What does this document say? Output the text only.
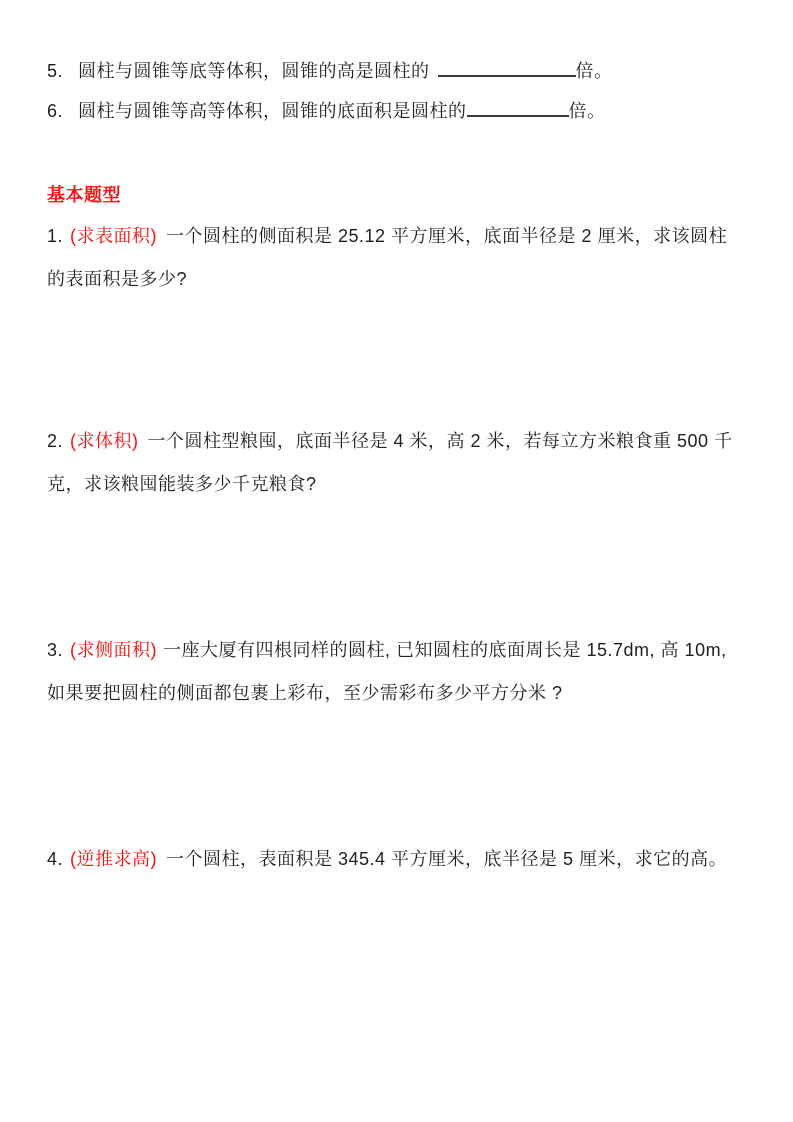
5. 圆柱与圆锥等底等体积，圆锥的高是圆柱的	倍。
6. 圆柱与圆锥等高等体积，圆锥的底面积是圆柱的	倍。
基本题型
1. (求表面积) 一个圆柱的侧面积是 25.12 平方厘米，底面半径是 2 厘米，求该圆柱
的表面积是多少?
2. (求体积) 一个圆柱型粮囤，底面半径是 4 米，高 2 米，若每立方米粮食重 500 千
克，求该粮囤能装多少千克粮食?
3. (求侧面积) 一座大厦有四根同样的圆柱, 已知圆柱的底面周长是 15.7dm, 高 10m,
如果要把圆柱的侧面都包裹上彩布，至少需彩布多少平方分米 ?
4. (逆推求高) 一个圆柱，表面积是 345.4 平方厘米，底半径是 5 厘米，求它的高。
